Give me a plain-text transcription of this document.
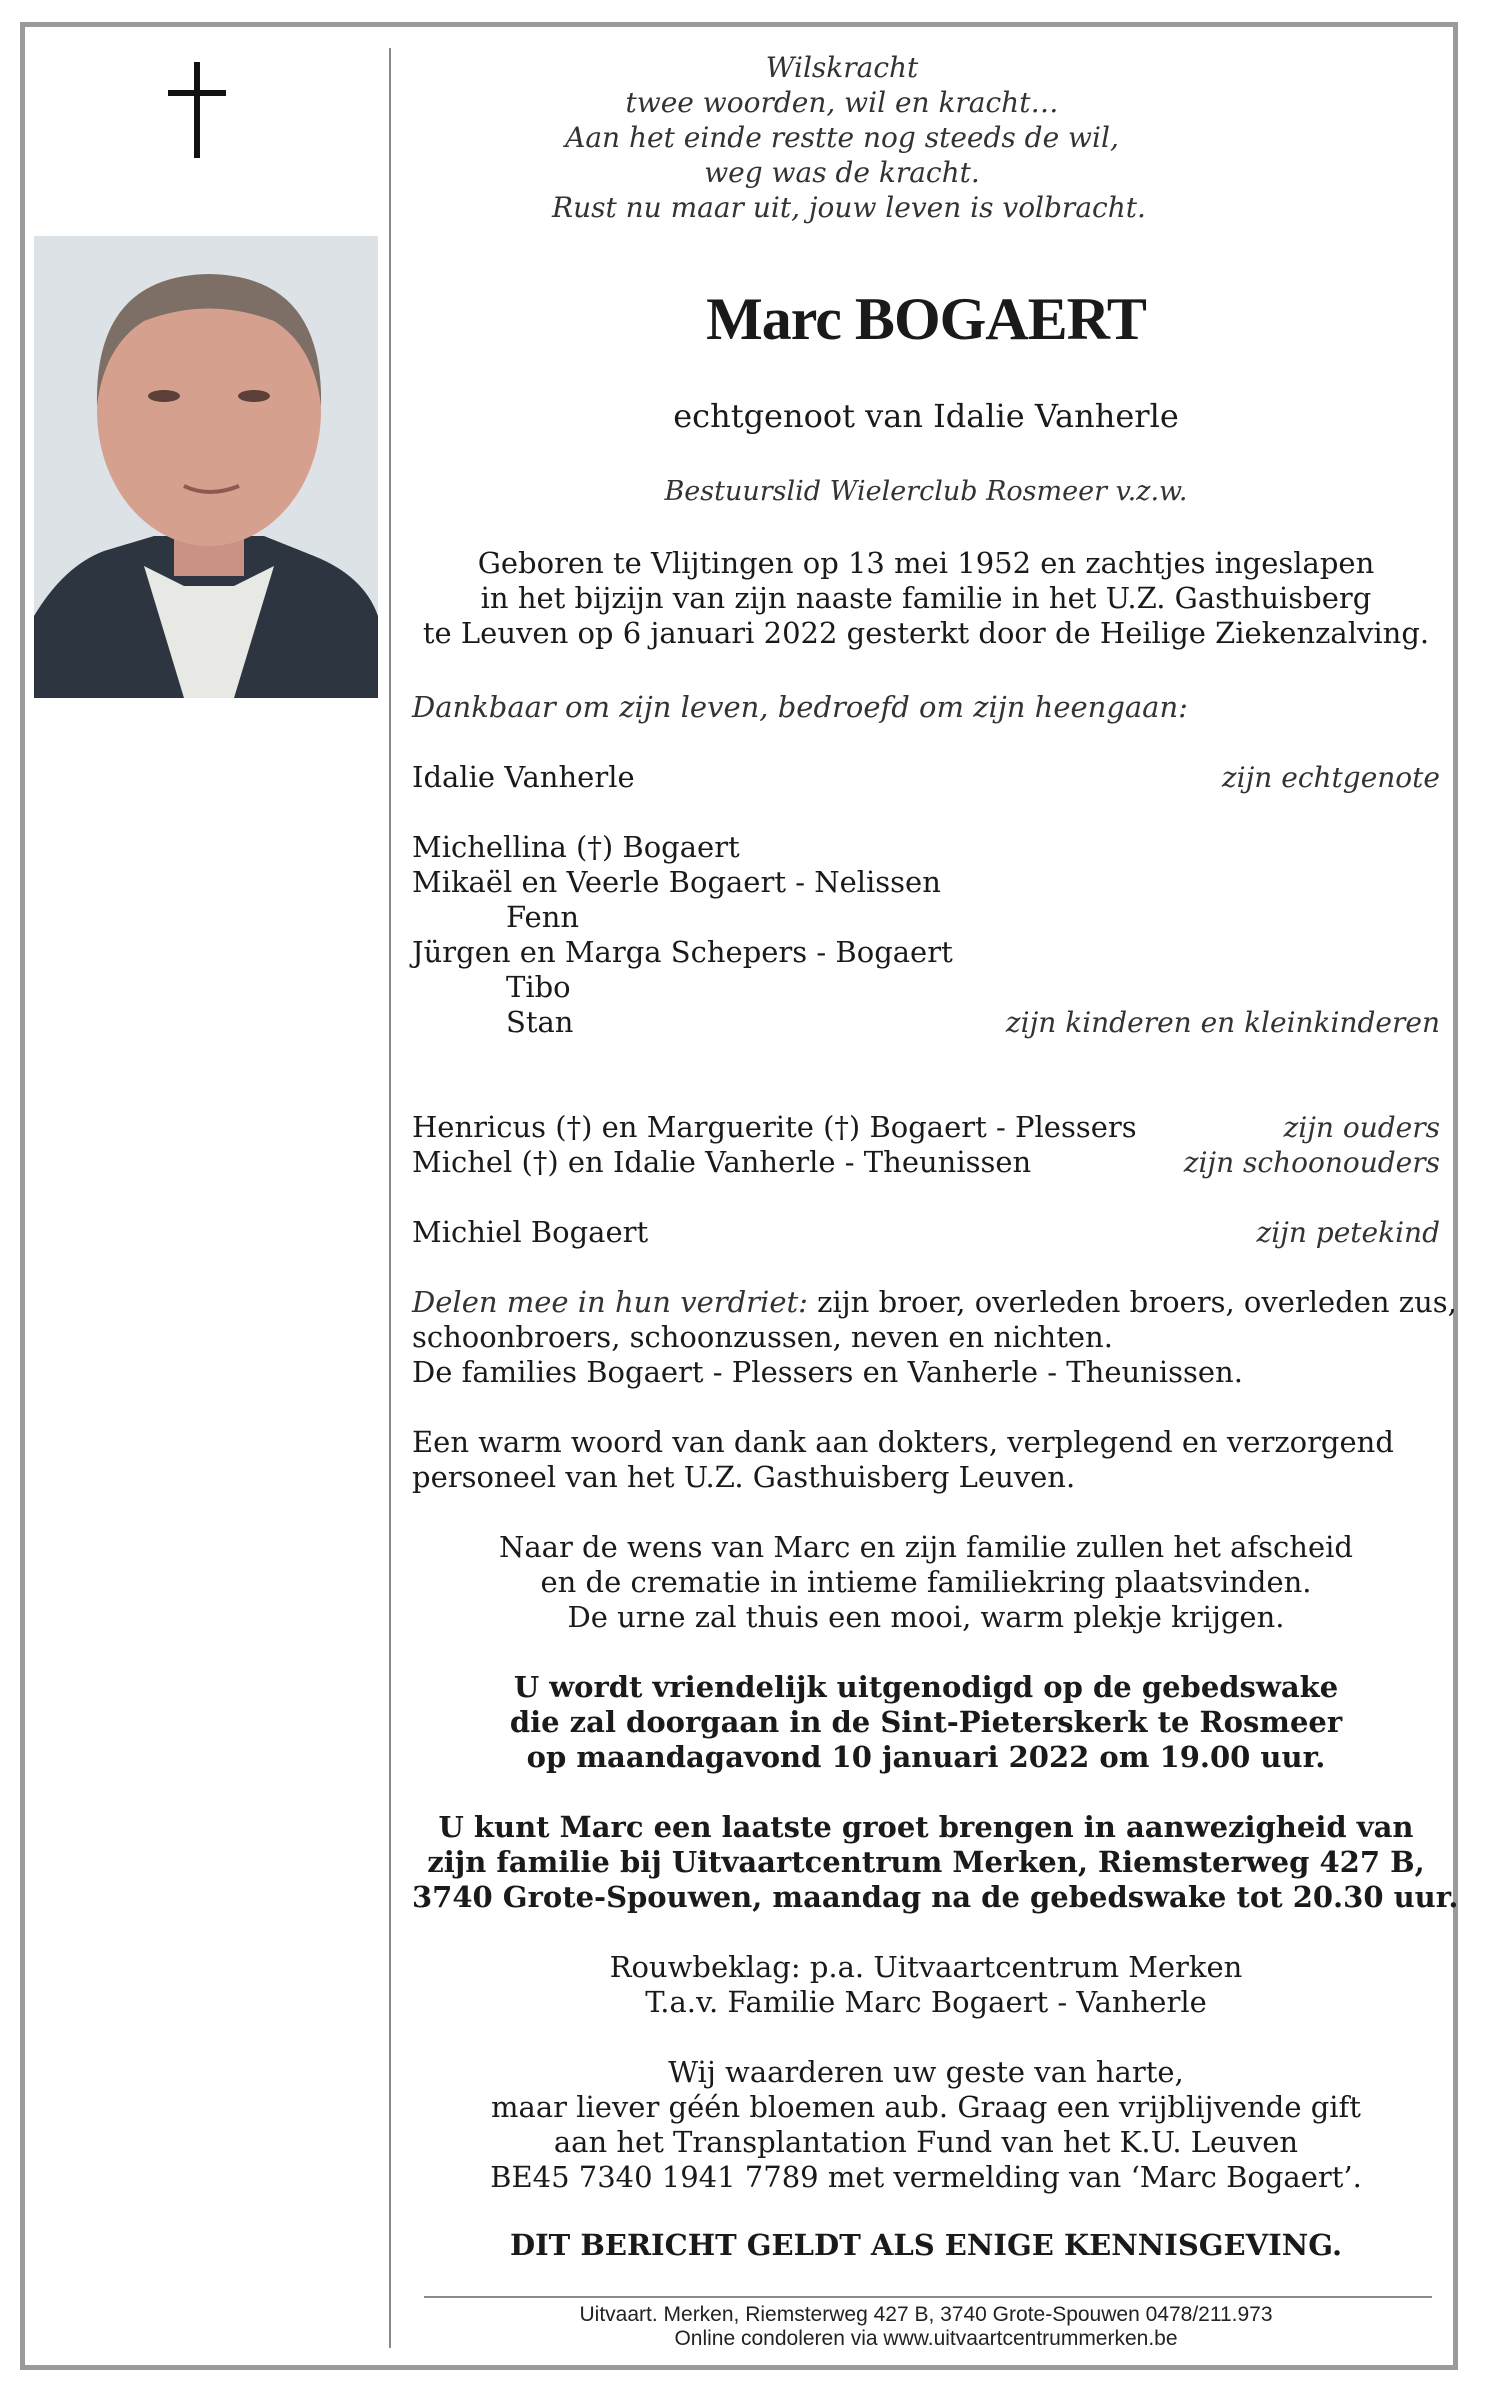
Wilskracht
twee woorden, wil en kracht…
Aan het einde restte nog steeds de wil,
weg was de kracht.
Rust nu maar uit, jouw leven is volbracht.
Marc BOGAERT
echtgenoot van Idalie Vanherle
Bestuurslid Wielerclub Rosmeer v.z.w.
Geboren te Vlijtingen op 13 mei 1952 en zachtjes ingeslapen
in het bijzijn van zijn naaste familie in het U.Z. Gasthuisberg
te Leuven op 6 januari 2022 gesterkt door de Heilige Ziekenzalving.
Dankbaar om zijn leven, bedroefd om zijn heengaan:
Idalie Vanherle	zijn echtgenote
Michellina (†) Bogaert
Mikaël en Veerle Bogaert - Nelissen
Fenn
Jürgen en Marga Schepers - Bogaert
Tibo
Stan	zijn kinderen en kleinkinderen
Henricus (†) en Marguerite (†) Bogaert - Plessers	zijn ouders
Michel (†) en Idalie Vanherle - Theunissen	zijn schoonouders
Michiel Bogaert	zijn petekind
Delen mee in hun verdriet: zijn broer, overleden broers, overleden zus,
schoonbroers, schoonzussen, neven en nichten.
De families Bogaert - Plessers en Vanherle - Theunissen.
Een warm woord van dank aan dokters, verplegend en verzorgend
personeel van het U.Z. Gasthuisberg Leuven.
Naar de wens van Marc en zijn familie zullen het afscheid
en de crematie in intieme familiekring plaatsvinden.
De urne zal thuis een mooi, warm plekje krijgen.
U wordt vriendelijk uitgenodigd op de gebedswake
die zal doorgaan in de Sint-Pieterskerk te Rosmeer
op maandagavond 10 januari 2022 om 19.00 uur.
U kunt Marc een laatste groet brengen in aanwezigheid van
zijn familie bij Uitvaartcentrum Merken, Riemsterweg 427 B,
3740 Grote-Spouwen, maandag na de gebedswake tot 20.30 uur.
Rouwbeklag: p.a. Uitvaartcentrum Merken
T.a.v. Familie Marc Bogaert - Vanherle
Wij waarderen uw geste van harte,
maar liever géén bloemen aub. Graag een vrijblijvende gift
aan het Transplantation Fund van het K.U. Leuven
BE45 7340 1941 7789 met vermelding van ‘Marc Bogaert’.
DIT BERICHT GELDT ALS ENIGE KENNISGEVING.
Uitvaart. Merken, Riemsterweg 427 B, 3740 Grote-Spouwen 0478/211.973
Online condoleren via www.uitvaartcentrummerken.be
